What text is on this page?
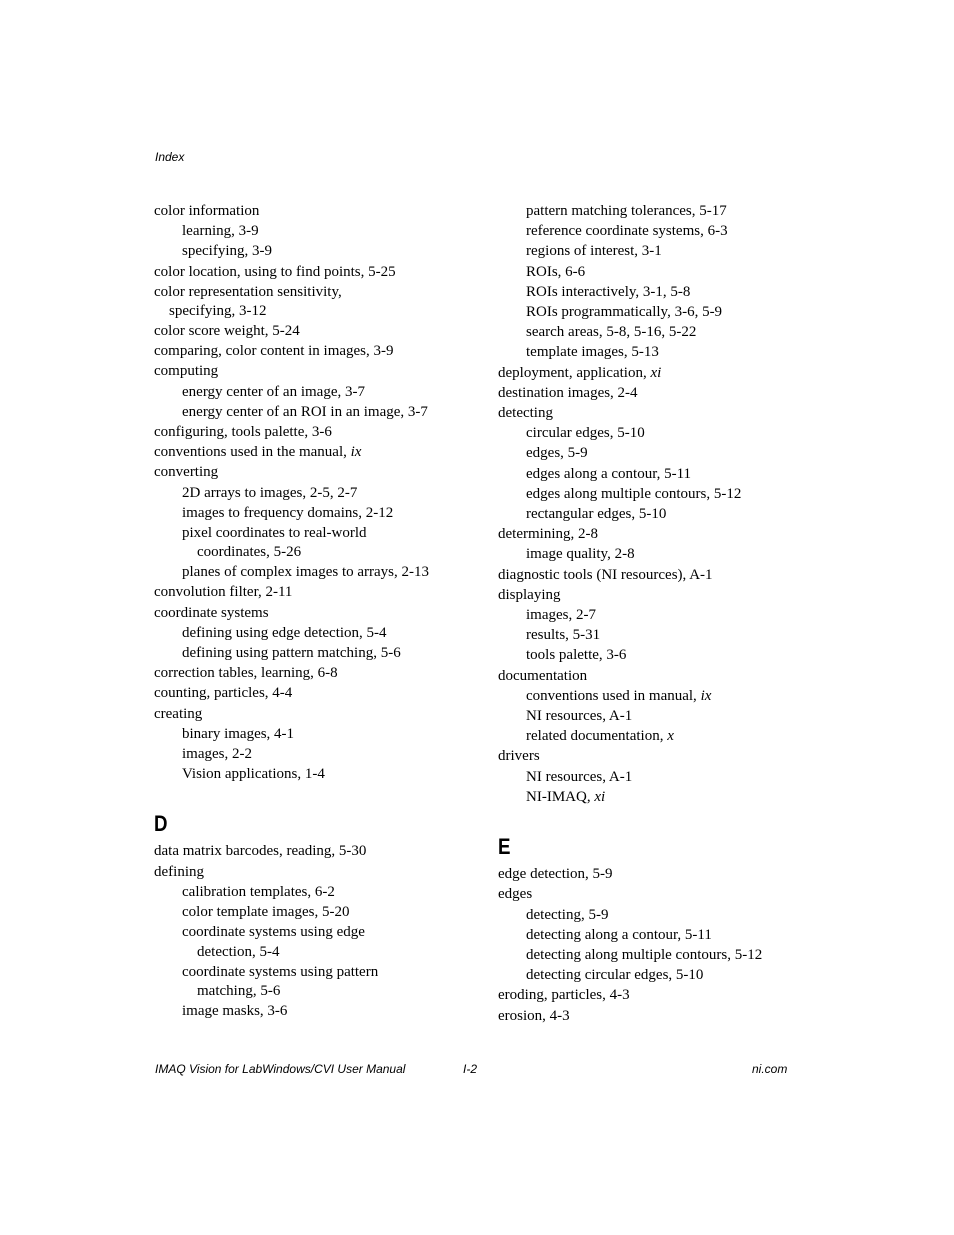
Index
color information
learning, 3-9
specifying, 3-9
color location, using to find points, 5-25
color representation sensitivity,
specifying, 3-12
color score weight, 5-24
comparing, color content in images, 3-9
computing
energy center of an image, 3-7
energy center of an ROI in an image, 3-7
configuring, tools palette, 3-6
conventions used in the manual, ix
converting
2D arrays to images, 2-5, 2-7
images to frequency domains, 2-12
pixel coordinates to real-world
coordinates, 5-26
planes of complex images to arrays, 2-13
convolution filter, 2-11
coordinate systems
defining using edge detection, 5-4
defining using pattern matching, 5-6
correction tables, learning, 6-8
counting, particles, 4-4
creating
binary images, 4-1
images, 2-2
Vision applications, 1-4
D
data matrix barcodes, reading, 5-30
defining
calibration templates, 6-2
color template images, 5-20
coordinate systems using edge
detection, 5-4
coordinate systems using pattern
matching, 5-6
image masks, 3-6
pattern matching tolerances, 5-17
reference coordinate systems, 6-3
regions of interest, 3-1
ROIs, 6-6
ROIs interactively, 3-1, 5-8
ROIs programmatically, 3-6, 5-9
search areas, 5-8, 5-16, 5-22
template images, 5-13
deployment, application, xi
destination images, 2-4
detecting
circular edges, 5-10
edges, 5-9
edges along a contour, 5-11
edges along multiple contours, 5-12
rectangular edges, 5-10
determining, 2-8
image quality, 2-8
diagnostic tools (NI resources), A-1
displaying
images, 2-7
results, 5-31
tools palette, 3-6
documentation
conventions used in manual, ix
NI resources, A-1
related documentation, x
drivers
NI resources, A-1
NI-IMAQ, xi
E
edge detection, 5-9
edges
detecting, 5-9
detecting along a contour, 5-11
detecting along multiple contours, 5-12
detecting circular edges, 5-10
eroding, particles, 4-3
erosion, 4-3
IMAQ Vision for LabWindows/CVI User Manual	I-2	ni.com
